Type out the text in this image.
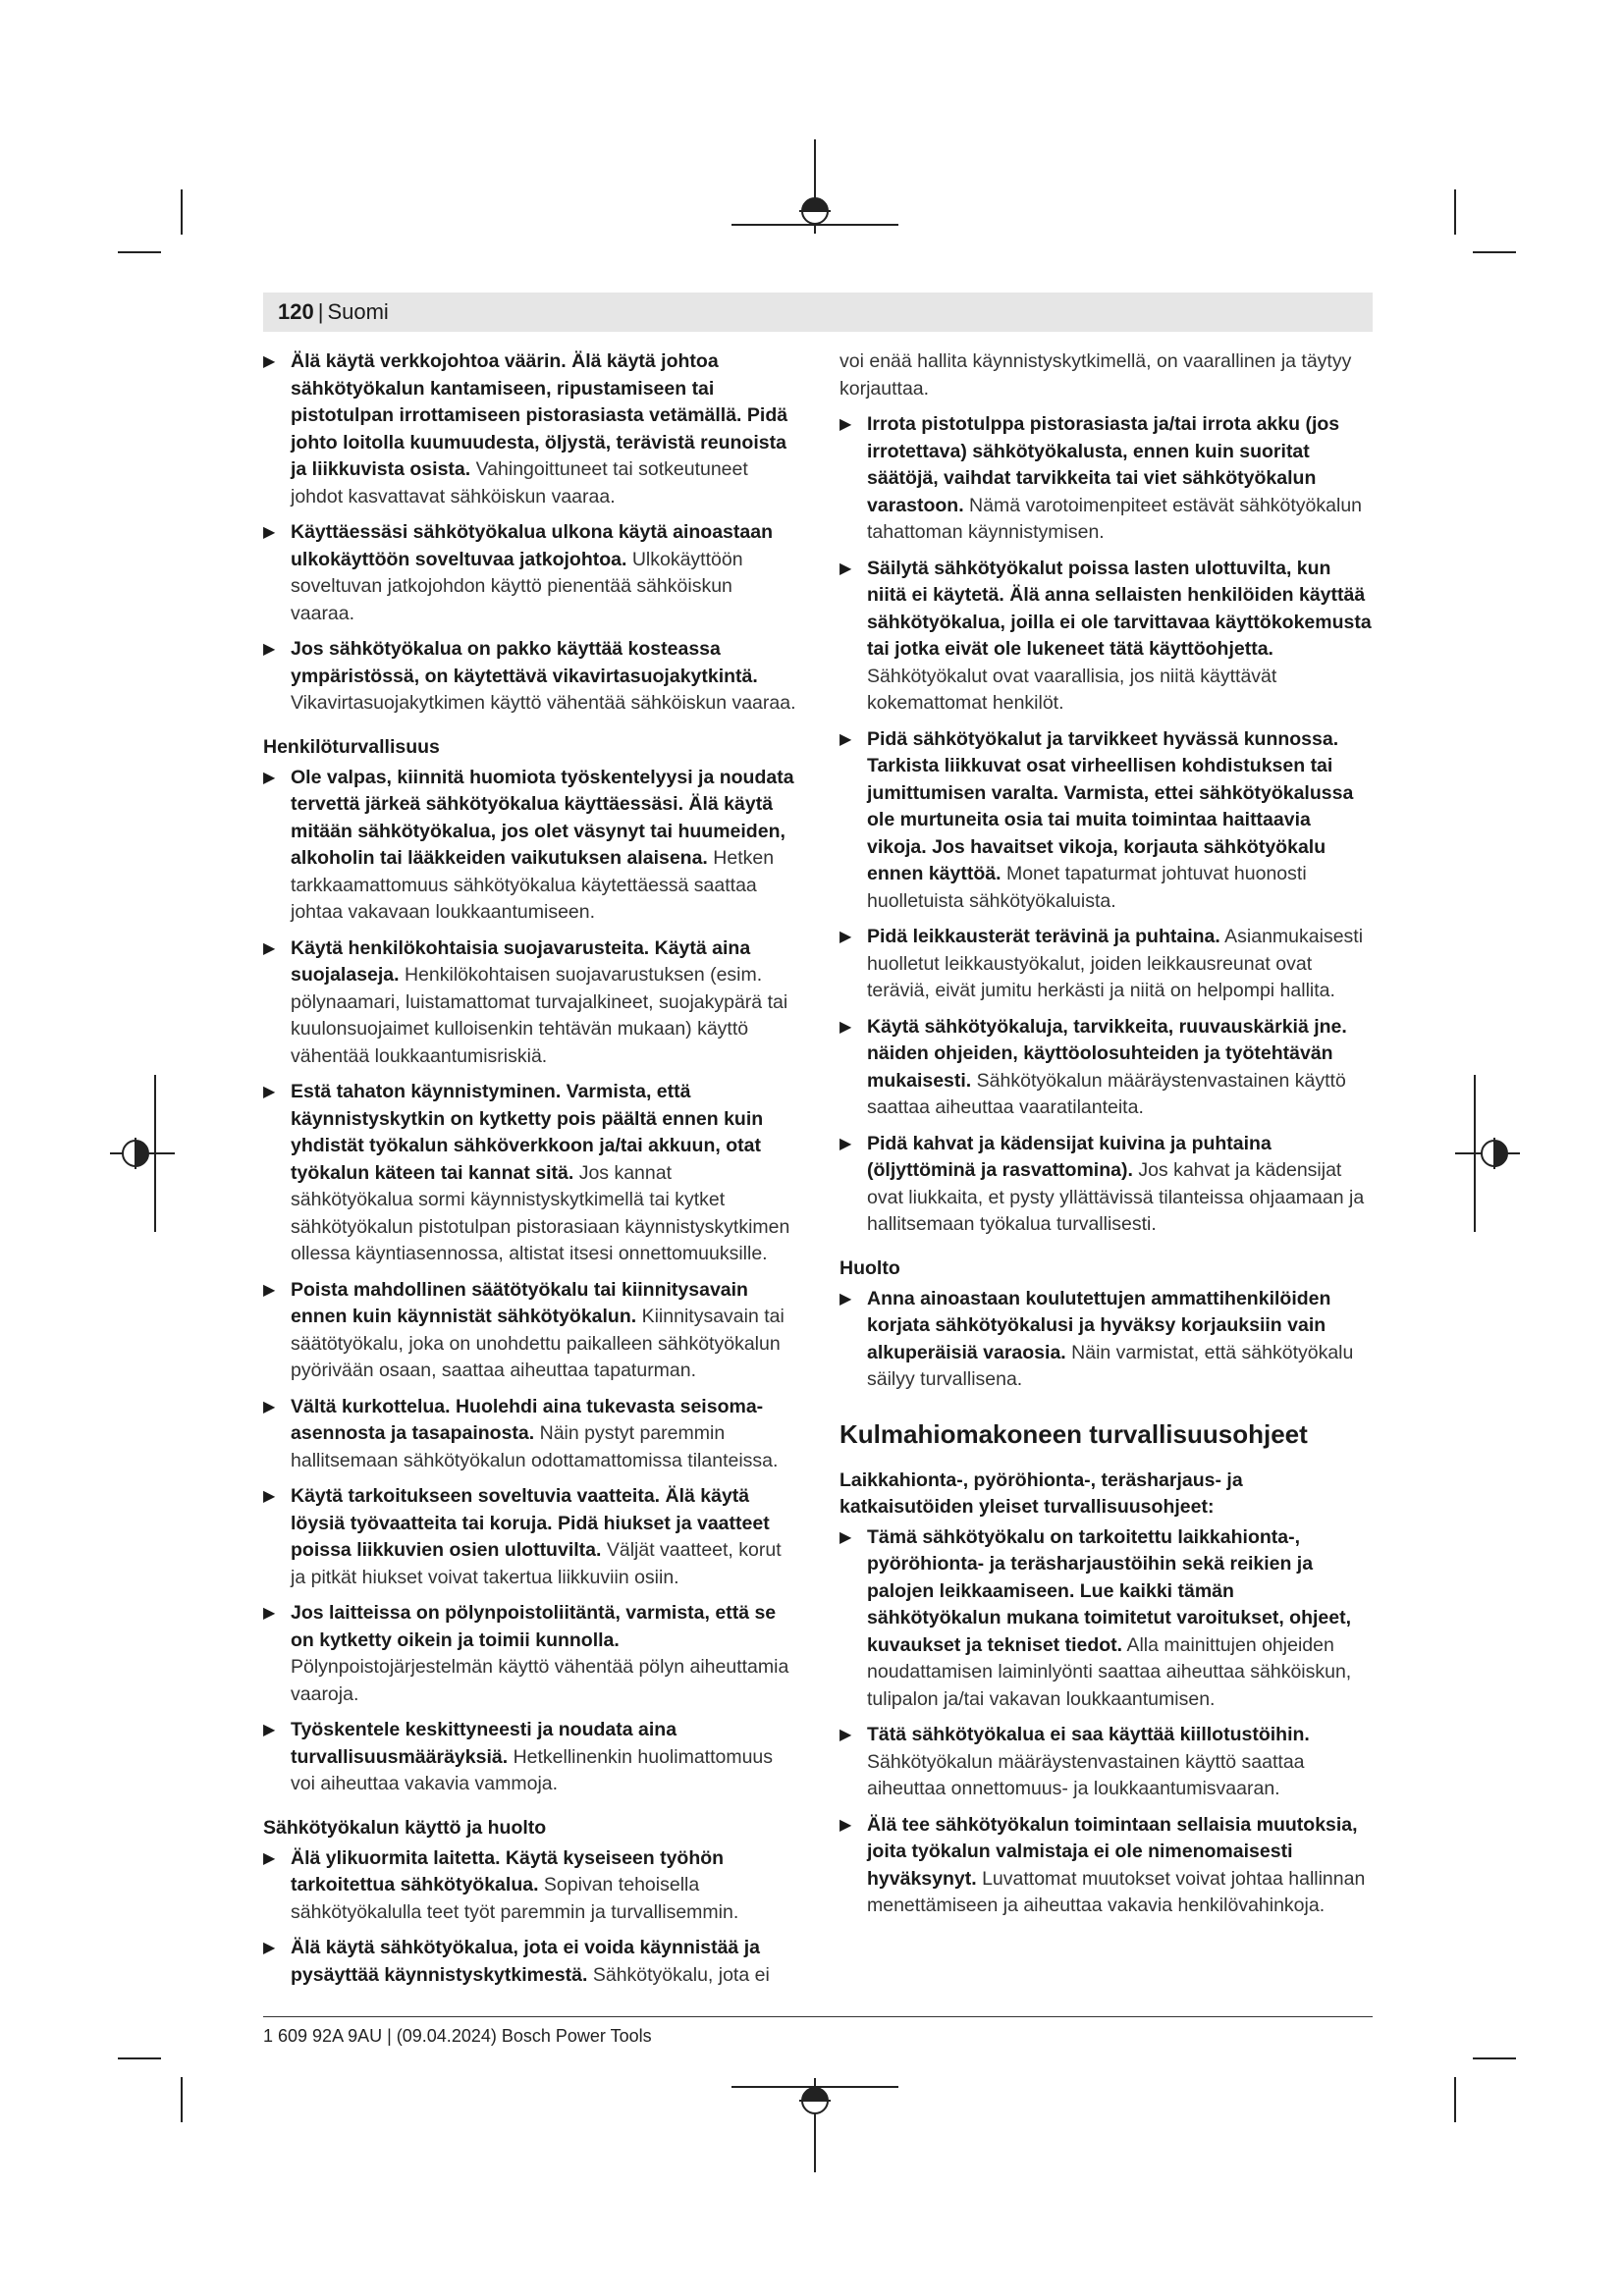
120 | Suomi
▶ Älä käytä verkkojohtoa väärin. Älä käytä johtoa sähkötyökalun kantamiseen, ripustamiseen tai pistotulpan irrottamiseen pistorasiasta vetämällä. Pidä johto loitolla kuumuudesta, öljystä, terävistä reunoista ja liikkuvista osista. Vahingoittuneet tai sotkeutuneet johdot kasvattavat sähköiskun vaaraa.
▶ Käyttäessäsi sähkötyökalua ulkona käytä ainoastaan ulkokäyttöön soveltuvaa jatkojohtoa. Ulkokäyttöön soveltuvan jatkojohdon käyttö pienentää sähköiskun vaaraa.
▶ Jos sähkötyökalua on pakko käyttää kosteassa ympäristössä, on käytettävä vikavirtasuojakytkintä. Vikavirtasuojakytkimen käyttö vähentää sähköiskun vaaraa.
Henkilöturvallisuus
▶ Ole valpas, kiinnitä huomiota työskentelyysi ja noudata tervettä järkeä sähkötyökalua käyttäessäsi. Älä käytä mitään sähkötyökalua, jos olet väsynyt tai huumeiden, alkoholin tai lääkkeiden vaikutuksen alaisena. Hetken tarkkaamattomuus sähkötyökalua käytettäessä saattaa johtaa vakavaan loukkaantumiseen.
▶ Käytä henkilökohtaisia suojavarusteita. Käytä aina suojalaseja. Henkilökohtaisen suojavarustuksen (esim. pölynaamari, luistamattomat turvajalkineet, suojakypärä tai kuulonsuojaimet kulloisenkin tehtävän mukaan) käyttö vähentää loukkaantumisriskiä.
▶ Estä tahaton käynnistyminen. Varmista, että käynnistyskytkin on kytketty pois päältä ennen kuin yhdistät työkalun sähköverkkoon ja/tai akkuun, otat työkalun käteen tai kannat sitä. Jos kannat sähkötyökalua sormi käynnistyskytkimellä tai kytket sähkötyökalun pistotulpan pistorasiaan käynnistyskytkimen ollessa käyntiasennossa, altistat itsesi onnettomuuksille.
▶ Poista mahdollinen säätötyökalu tai kiinnitysavain ennen kuin käynnistät sähkötyökalun. Kiinnitysavain tai säätötyökalu, joka on unohdettu paikalleen sähkötyökalun pyörivään osaan, saattaa aiheuttaa tapaturman.
▶ Vältä kurkottelua. Huolehdi aina tukevasta seisoma-asennosta ja tasapainosta. Näin pystyt paremmin hallitsemaan sähkötyökalun odottamattomissa tilanteissa.
▶ Käytä tarkoitukseen soveltuvia vaatteita. Älä käytä löysiä työvaatteita tai koruja. Pidä hiukset ja vaatteet poissa liikkuvien osien ulottuvilta. Väljät vaatteet, korut ja pitkät hiukset voivat takertua liikkuviin osiin.
▶ Jos laitteissa on pölynpoistoliitäntä, varmista, että se on kytketty oikein ja toimii kunnolla. Pölynpoistojärjestelmän käyttö vähentää pölyn aiheuttamia vaaroja.
▶ Työskentele keskittyneesti ja noudata aina turvallisuusmääräyksiä. Hetkellinenkin huolimattomuus voi aiheuttaa vakavia vammoja.
Sähkötyökalun käyttö ja huolto
▶ Älä ylikuormita laitetta. Käytä kyseiseen työhön tarkoitettua sähkötyökalua. Sopivan tehoisella sähkötyökalulla teet työt paremmin ja turvallisemmin.
▶ Älä käytä sähkötyökalua, jota ei voida käynnistää ja pysäyttää käynnistyskytkimestä. Sähkötyökalu, jota ei
voi enää hallita käynnistyskytkimellä, on vaarallinen ja täytyy korjauttaa.
▶ Irrota pistotulppa pistorasiasta ja/tai irrota akku (jos irrotettava) sähkötyökalusta, ennen kuin suoritat säätöjä, vaihdat tarvikkeita tai viet sähkötyökalun varastoon. Nämä varotoimenpiteet estävät sähkötyökalun tahattoman käynnistymisen.
▶ Säilytä sähkötyökalut poissa lasten ulottuvilta, kun niitä ei käytetä. Älä anna sellaisten henkilöiden käyttää sähkötyökalua, joilla ei ole tarvittavaa käyttökokemusta tai jotka eivät ole lukeneet tätä käyttöohjetta. Sähkötyökalut ovat vaarallisia, jos niitä käyttävät kokemattomat henkilöt.
▶ Pidä sähkötyökalut ja tarvikkeet hyvässä kunnossa. Tarkista liikkuvat osat virheellisen kohdistuksen tai jumittumisen varalta. Varmista, ettei sähkötyökalussa ole murtuneita osia tai muita toimintaa haittaavia vikoja. Jos havaitset vikoja, korjauta sähkötyökalu ennen käyttöä. Monet tapaturmat johtuvat huonosti huolletuista sähkötyökaluista.
▶ Pidä leikkausterät terävinä ja puhtaina. Asianmukaisesti huolletut leikkaustyökalut, joiden leikkausreunat ovat teräviä, eivät jumitu herkästi ja niitä on helpompi hallita.
▶ Käytä sähkötyökaluja, tarvikkeita, ruuvauskärkiä jne. näiden ohjeiden, käyttöolosuhteiden ja työtehtävän mukaisesti. Sähkötyökalun määräystenvastainen käyttö saattaa aiheuttaa vaaratilanteita.
▶ Pidä kahvat ja kädensijat kuivina ja puhtaina (öljyttöminä ja rasvattomina). Jos kahvat ja kädensijat ovat liukkaita, et pysty yllättävissä tilanteissa ohjaamaan ja hallitsemaan työkalua turvallisesti.
Huolto
▶ Anna ainoastaan koulutettujen ammattihenkilöiden korjata sähkötyökalusi ja hyväksy korjauksiin vain alkuperäisiä varaosia. Näin varmistat, että sähkötyökalu säilyy turvallisena.
Kulmahiomakoneen turvallisuusohjeet
Laikkahionta-, pyöröhionta-, teräsharjaus- ja katkaisutöiden yleiset turvallisuusohjeet:
▶ Tämä sähkötyökalu on tarkoitettu laikkahionta-, pyöröhionta- ja teräsharjaustöihin sekä reikien ja palojen leikkaamiseen. Lue kaikki tämän sähkötyökalun mukana toimitetut varoitukset, ohjeet, kuvaukset ja tekniset tiedot. Alla mainittujen ohjeiden noudattamisen laiminlyönti saattaa aiheuttaa sähköiskun, tulipalon ja/tai vakavan loukkaantumisen.
▶ Tätä sähkötyökalua ei saa käyttää kiillotustöihin. Sähkötyökalun määräystenvastainen käyttö saattaa aiheuttaa onnettomuus- ja loukkaantumisvaaran.
▶ Älä tee sähkötyökalun toimintaan sellaisia muutoksia, joita työkalun valmistaja ei ole nimenomaisesti hyväksynyt. Luvattomat muutokset voivat johtaa hallinnan menettämiseen ja aiheuttaa vakavia henkilövahinkoja.
1 609 92A 9AU | (09.04.2024) Bosch Power Tools
